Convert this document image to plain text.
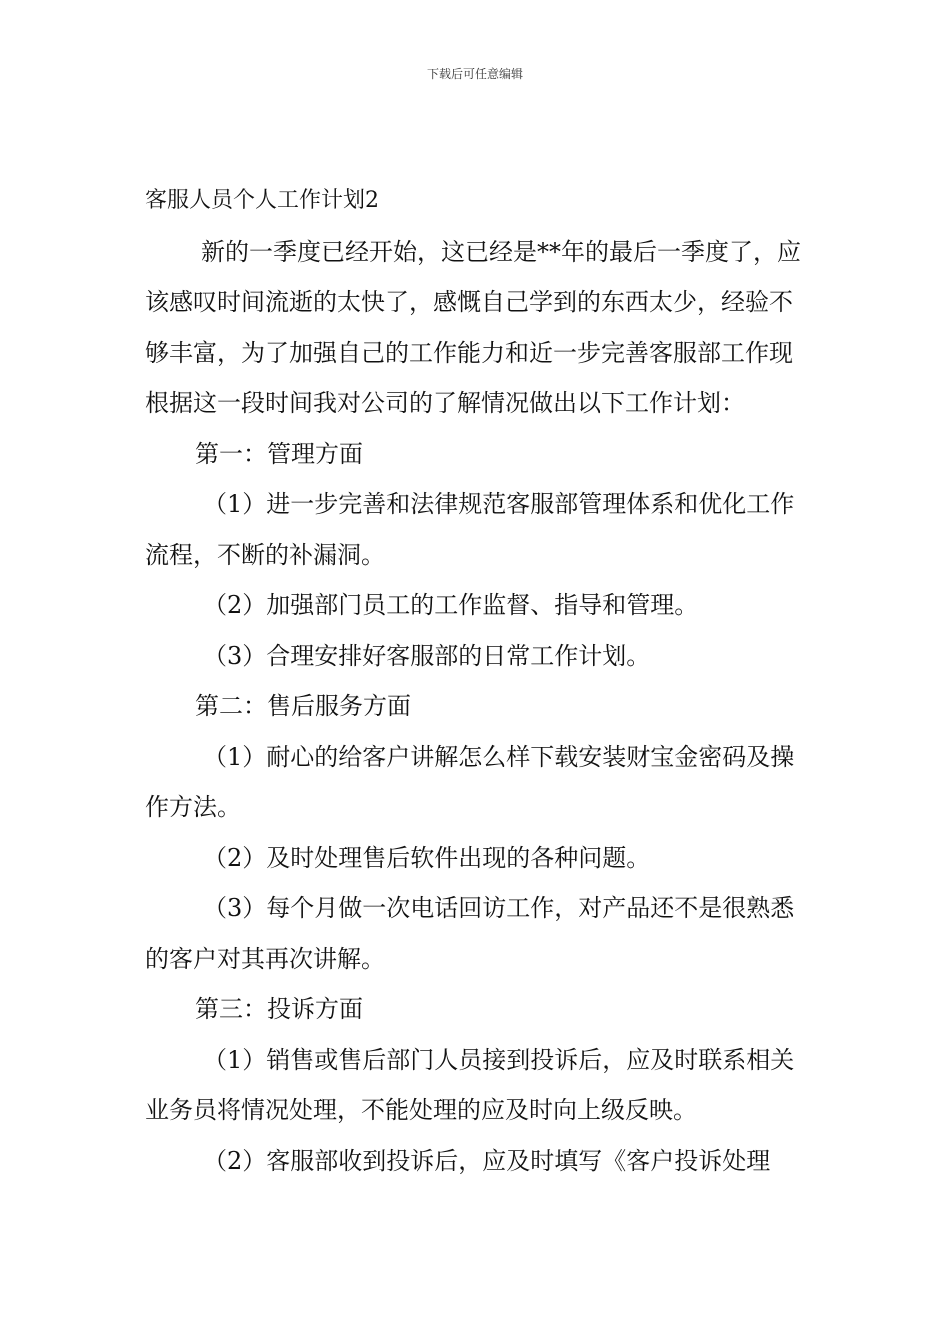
下载后可任意编辑

客服人员个人工作计划2

新的一季度已经开始，这已经是**年的最后一季度了，应该感叹时间流逝的太快了，感慨自己学到的东西太少，经验不够丰富，为了加强自己的工作能力和近一步完善客服部工作现根据这一段时间我对公司的了解情况做出以下工作计划：

第一：管理方面

（1）进一步完善和法律规范客服部管理体系和优化工作流程，不断的补漏洞。

（2）加强部门员工的工作监督、指导和管理。

（3）合理安排好客服部的日常工作计划。

第二：售后服务方面

（1）耐心的给客户讲解怎么样下载安装财宝金密码及操作方法。

（2）及时处理售后软件出现的各种问题。

（3）每个月做一次电话回访工作，对产品还不是很熟悉的客户对其再次讲解。

第三：投诉方面

（1）销售或售后部门人员接到投诉后，应及时联系相关业务员将情况处理，不能处理的应及时向上级反映。

（2）客服部收到投诉后，应及时填写《客户投诉处理
